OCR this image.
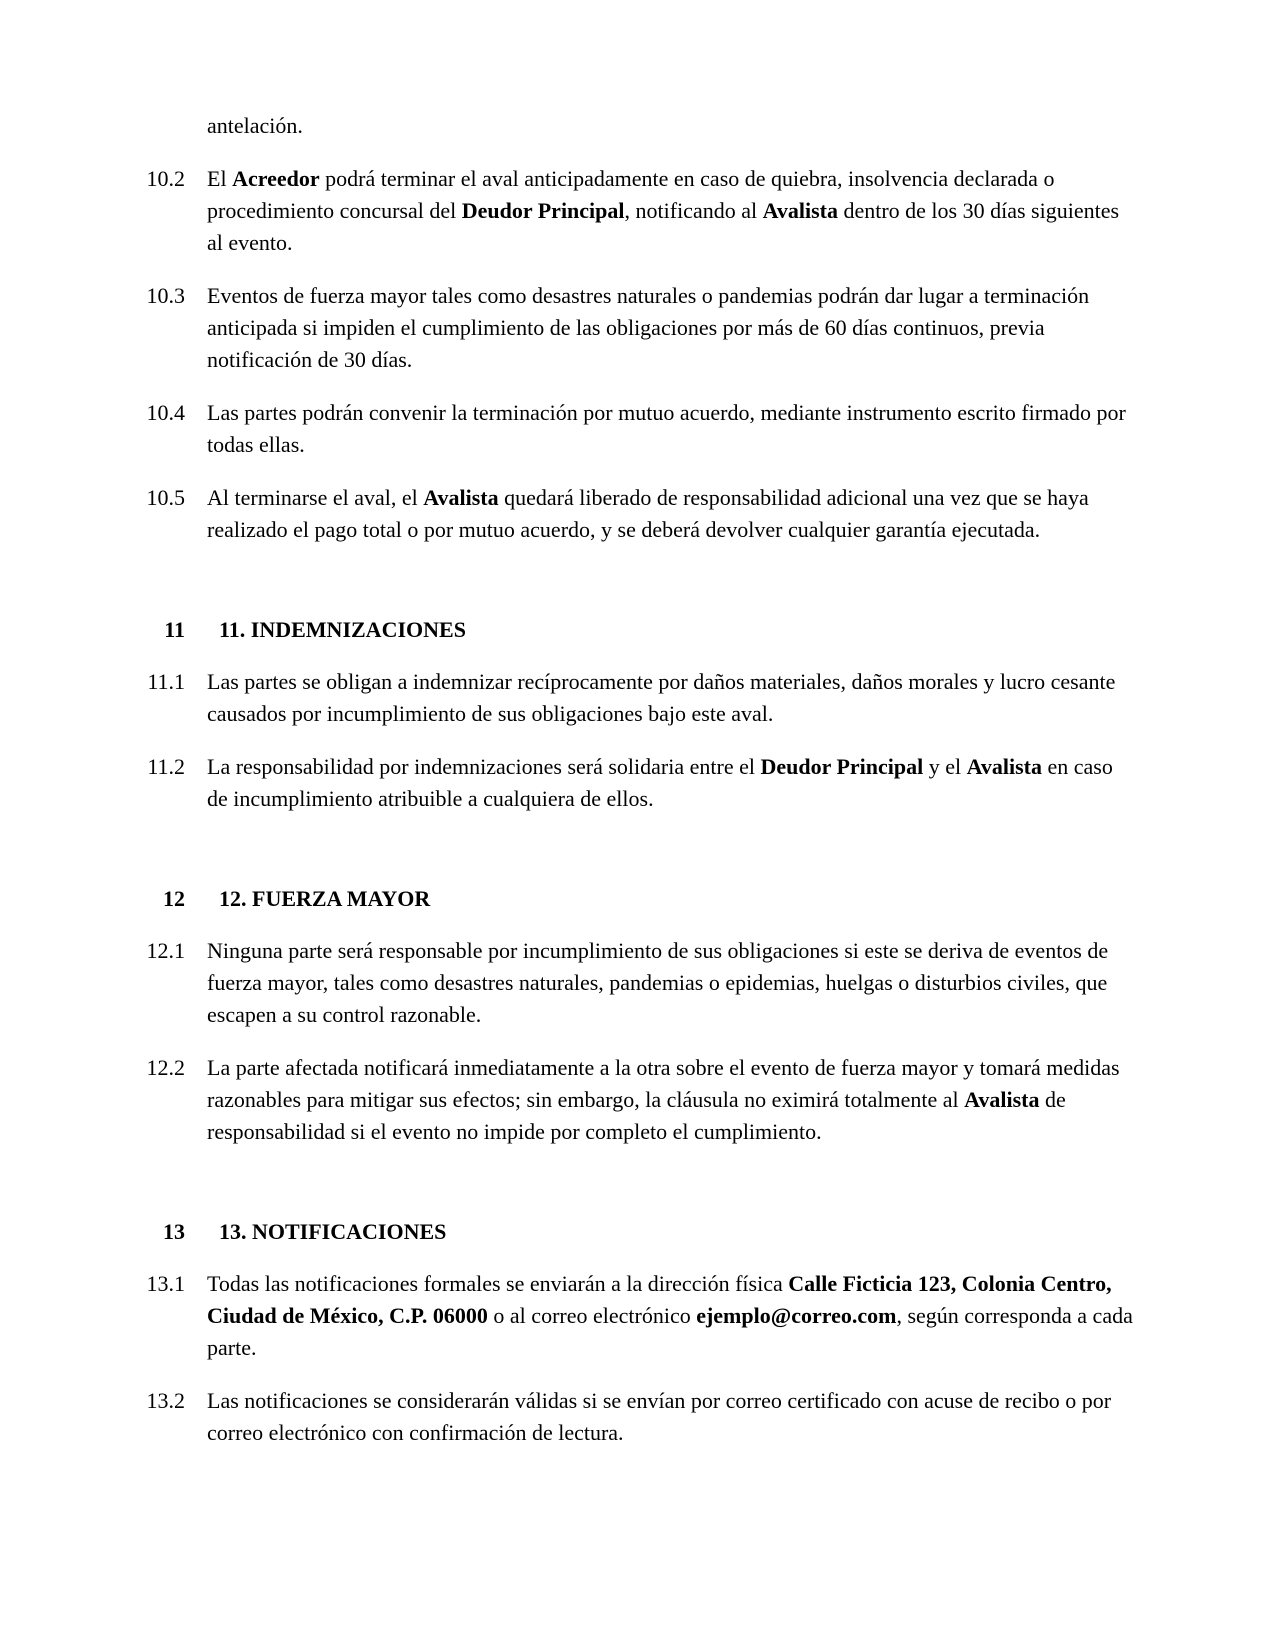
antelación.
10.2 El Acreedor podrá terminar el aval anticipadamente en caso de quiebra, insolvencia declarada o procedimiento concursal del Deudor Principal, notificando al Avalista dentro de los 30 días siguientes al evento.
10.3 Eventos de fuerza mayor tales como desastres naturales o pandemias podrán dar lugar a terminación anticipada si impiden el cumplimiento de las obligaciones por más de 60 días continuos, previa notificación de 30 días.
10.4 Las partes podrán convenir la terminación por mutuo acuerdo, mediante instrumento escrito firmado por todas ellas.
10.5 Al terminarse el aval, el Avalista quedará liberado de responsabilidad adicional una vez que se haya realizado el pago total o por mutuo acuerdo, y se deberá devolver cualquier garantía ejecutada.
11 11. INDEMNIZACIONES
11.1 Las partes se obligan a indemnizar recíprocamente por daños materiales, daños morales y lucro cesante causados por incumplimiento de sus obligaciones bajo este aval.
11.2 La responsabilidad por indemnizaciones será solidaria entre el Deudor Principal y el Avalista en caso de incumplimiento atribuible a cualquiera de ellos.
12 12. FUERZA MAYOR
12.1 Ninguna parte será responsable por incumplimiento de sus obligaciones si este se deriva de eventos de fuerza mayor, tales como desastres naturales, pandemias o epidemias, huelgas o disturbios civiles, que escapen a su control razonable.
12.2 La parte afectada notificará inmediatamente a la otra sobre el evento de fuerza mayor y tomará medidas razonables para mitigar sus efectos; sin embargo, la cláusula no eximirá totalmente al Avalista de responsabilidad si el evento no impide por completo el cumplimiento.
13 13. NOTIFICACIONES
13.1 Todas las notificaciones formales se enviarán a la dirección física Calle Ficticia 123, Colonia Centro, Ciudad de México, C.P. 06000 o al correo electrónico ejemplo@correo.com, según corresponda a cada parte.
13.2 Las notificaciones se considerarán válidas si se envían por correo certificado con acuse de recibo o por correo electrónico con confirmación de lectura.
